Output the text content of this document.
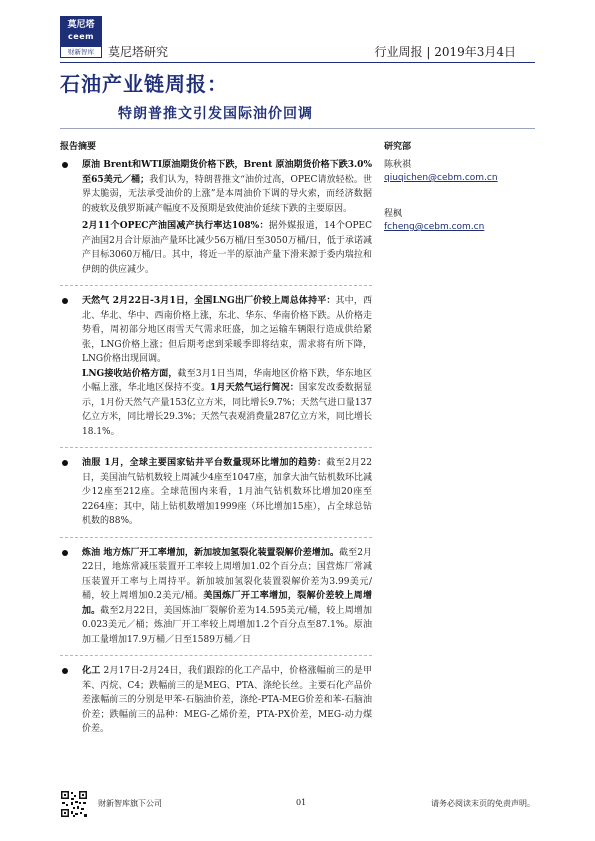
莫尼塔
ceem
财新智库	莫尼塔研究	行业周报 | 2019年3月4日
石油产业链周报：
特朗普推文引发国际油价回调
报告摘要	研究部
陈秋祺
qiuqichen@cebm.com.cn
程枫
fcheng@cebm.com.cn

原油 Brent和WTI原油期货价格下跌，Brent 原油期货价格下跌3.0%至65美元／桶；我们认为，特朗普推文“油价过高，OPEC请放轻松。世界太脆弱，无法承受油价的上涨”是本周油价下调的导火索，而经济数据的疲软及俄罗斯减产幅度不及预期是致使油价延续下跌的主要原因。

2月11个OPEC产油国减产执行率达108%：据外媒报道，14个OPEC产油国2月合计原油产量环比减少56万桶/日至3050万桶/日，低于承诺减产目标3060万桶/日。其中，将近一半的原油产量下滑来源于委内瑞拉和伊朗的供应减少。

天然气 2月22日-3月1日，全国LNG出厂价较上周总体持平：其中，西北、华北、华中、西南价格上涨，东北、华东、华南价格下跌。从价格走势看，周初部分地区雨雪天气需求旺盛，加之运输车辆限行造成供给紧张，LNG价格上涨；但后期考虑到采暖季即将结束，需求将有所下降，LNG价格出现回调。

LNG接收站价格方面，截至3月1日当周，华南地区价格下跌，华东地区小幅上涨，华北地区保持不变。1月天然气运行简况：国家发改委数据显示，1月份天然气产量153亿立方米，同比增长9.7%；天然气进口量137亿立方米，同比增长29.3%；天然气表观消费量287亿立方米，同比增长18.1%。

油服 1月，全球主要国家钻井平台数量现环比增加的趋势：截至2月22日，美国油气钻机数较上周减少4座至1047座，加拿大油气钻机数环比减少12座至212座。全球范围内来看，1月油气钻机数环比增加20座至2264座；其中，陆上钻机数增加1999座（环比增加15座），占全球总钻机数的88%。

炼油 地方炼厂开工率增加，新加坡加氢裂化装置裂解价差增加。截至2月22日，地炼常减压装置开工率较上周增加1.02个百分点；国营炼厂常减压装置开工率与上周持平。新加坡加氢裂化装置裂解价差为3.99美元/桶，较上周增加0.2美元/桶。美国炼厂开工率增加，裂解价差较上周增加。截至2月22日，美国炼油厂裂解价差为14.595美元/桶，较上周增加0.023美元／桶；炼油厂开工率较上周增加1.2个百分点至87.1%。原油加工量增加17.9万桶／日至1589万桶／日

化工 2月17日-2月24日，我们跟踪的化工产品中，价格涨幅前三的是甲苯、丙烷、C4；跌幅前三的是MEG、PTA、涤纶长丝。主要石化产品价差涨幅前三的分别是甲苯-石脑油价差，涤纶-PTA-MEG价差和苯-石脑油价差；跌幅前三的品种：MEG-乙烯价差，PTA-PX价差，MEG-动力煤价差。

财新智库旗下公司	01	请务必阅读末页的免责声明。
